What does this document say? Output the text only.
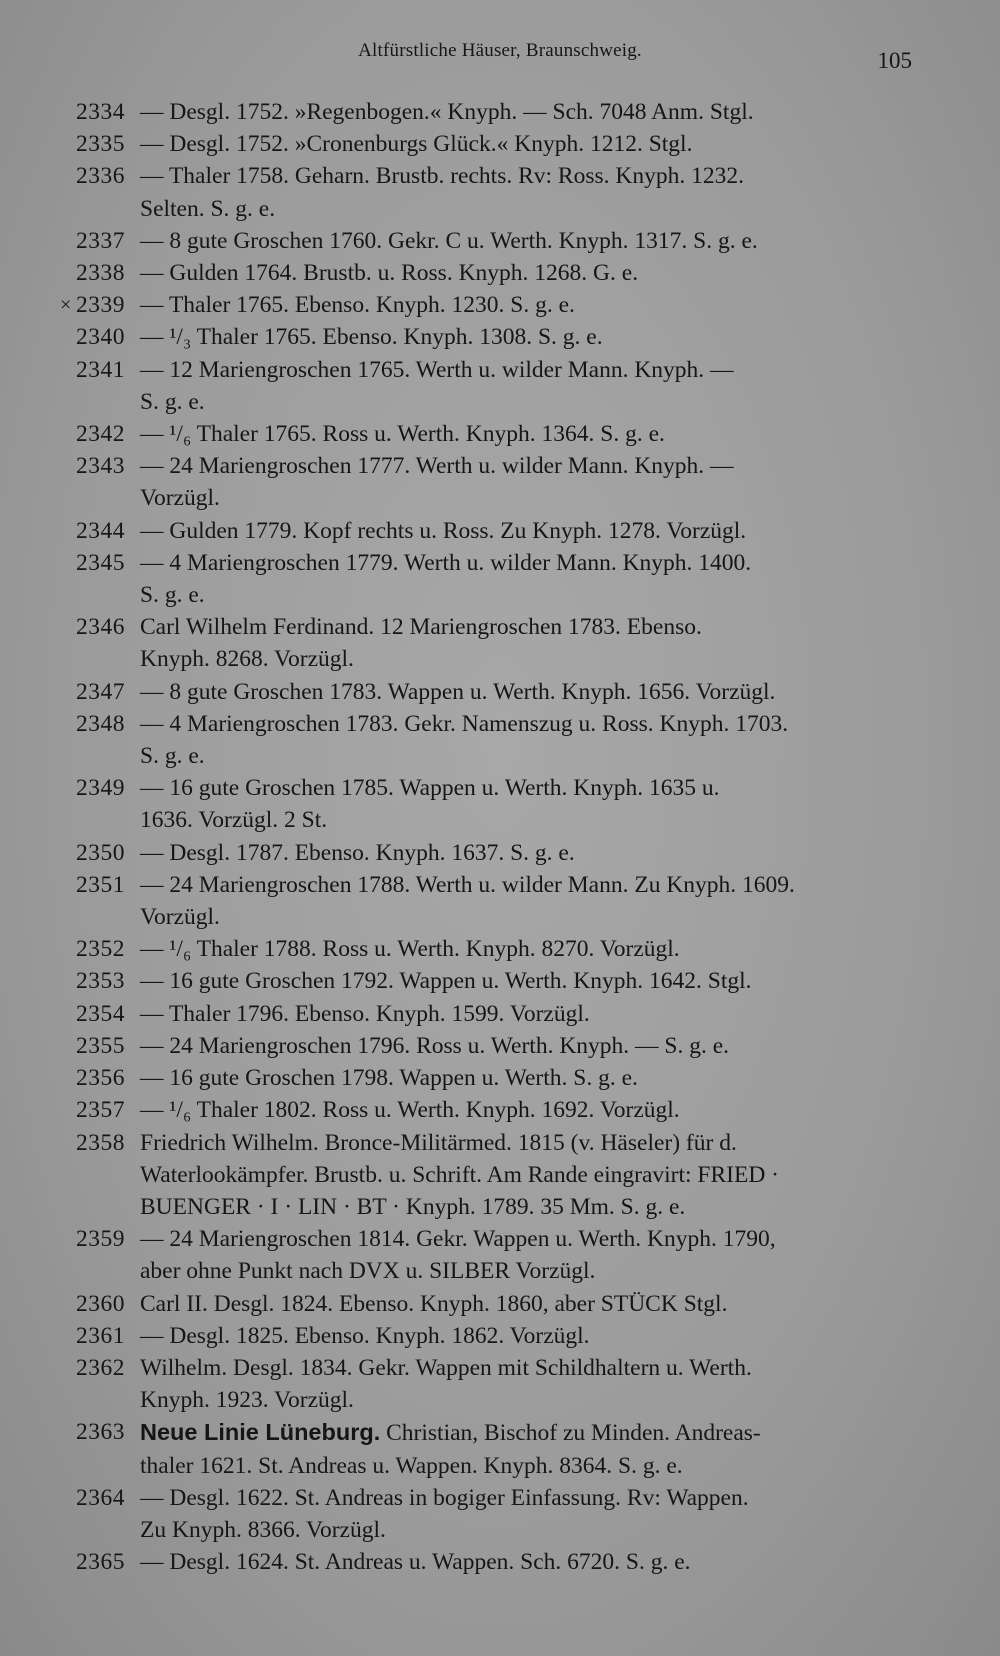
Altfürstliche Häuser, Braunschweig.	105
2334 — Desgl. 1752. »Regenbogen.« Knyph. — Sch. 7048 Anm. Stgl.
2335 — Desgl. 1752. »Cronenburgs Glück.« Knyph. 1212. Stgl.
2336 — Thaler 1758. Geharn. Brustb. rechts. Rv: Ross. Knyph. 1232.
Selten. S. g. e.
2337 — 8 gute Groschen 1760. Gekr. C u. Werth. Knyph. 1317. S. g. e.
2338 — Gulden 1764. Brustb. u. Ross. Knyph. 1268. G. e.
× 2339 — Thaler 1765. Ebenso. Knyph. 1230. S. g. e.
2340 — ¹/₃ Thaler 1765. Ebenso. Knyph. 1308. S. g. e.
2341 — 12 Mariengroschen 1765. Werth u. wilder Mann. Knyph. —
S. g. e.
2342 — ¹/₆ Thaler 1765. Ross u. Werth. Knyph. 1364. S. g. e.
2343 — 24 Mariengroschen 1777. Werth u. wilder Mann. Knyph. —
Vorzügl.
2344 — Gulden 1779. Kopf rechts u. Ross. Zu Knyph. 1278. Vorzügl.
2345 — 4 Mariengroschen 1779. Werth u. wilder Mann. Knyph. 1400.
S. g. e.
2346 Carl Wilhelm Ferdinand. 12 Mariengroschen 1783. Ebenso.
Knyph. 8268. Vorzügl.
2347 — 8 gute Groschen 1783. Wappen u. Werth. Knyph. 1656. Vorzügl.
2348 — 4 Mariengroschen 1783. Gekr. Namenszug u. Ross. Knyph. 1703.
S. g. e.
2349 — 16 gute Groschen 1785. Wappen u. Werth. Knyph. 1635 u.
1636. Vorzügl. 2 St.
2350 — Desgl. 1787. Ebenso. Knyph. 1637. S. g. e.
2351 — 24 Mariengroschen 1788. Werth u. wilder Mann. Zu Knyph. 1609.
Vorzügl.
2352 — ¹/₆ Thaler 1788. Ross u. Werth. Knyph. 8270. Vorzügl.
2353 — 16 gute Groschen 1792. Wappen u. Werth. Knyph. 1642. Stgl.
2354 — Thaler 1796. Ebenso. Knyph. 1599. Vorzügl.
2355 — 24 Mariengroschen 1796. Ross u. Werth. Knyph. — S. g. e.
2356 — 16 gute Groschen 1798. Wappen u. Werth. S. g. e.
2357 — ¹/₆ Thaler 1802. Ross u. Werth. Knyph. 1692. Vorzügl.
2358 Friedrich Wilhelm. Bronce-Militärmed. 1815 (v. Häseler) für d.
Waterlookämpfer. Brustb. u. Schrift. Am Rande eingravirt: FRIED ·
BUENGER · I · LIN · BT · Knyph. 1789. 35 Mm. S. g. e.
2359 — 24 Mariengroschen 1814. Gekr. Wappen u. Werth. Knyph. 1790,
aber ohne Punkt nach DVX u. SILBER Vorzügl.
2360 Carl II. Desgl. 1824. Ebenso. Knyph. 1860, aber STÜCK Stgl.
2361 — Desgl. 1825. Ebenso. Knyph. 1862. Vorzügl.
2362 Wilhelm. Desgl. 1834. Gekr. Wappen mit Schildhaltern u. Werth.
Knyph. 1923. Vorzügl.
2363 Neue Linie Lüneburg. Christian, Bischof zu Minden. Andreas-
thaler 1621. St. Andreas u. Wappen. Knyph. 8364. S. g. e.
2364 — Desgl. 1622. St. Andreas in bogiger Einfassung. Rv: Wappen.
Zu Knyph. 8366. Vorzügl.
2365 — Desgl. 1624. St. Andreas u. Wappen. Sch. 6720. S. g. e.
